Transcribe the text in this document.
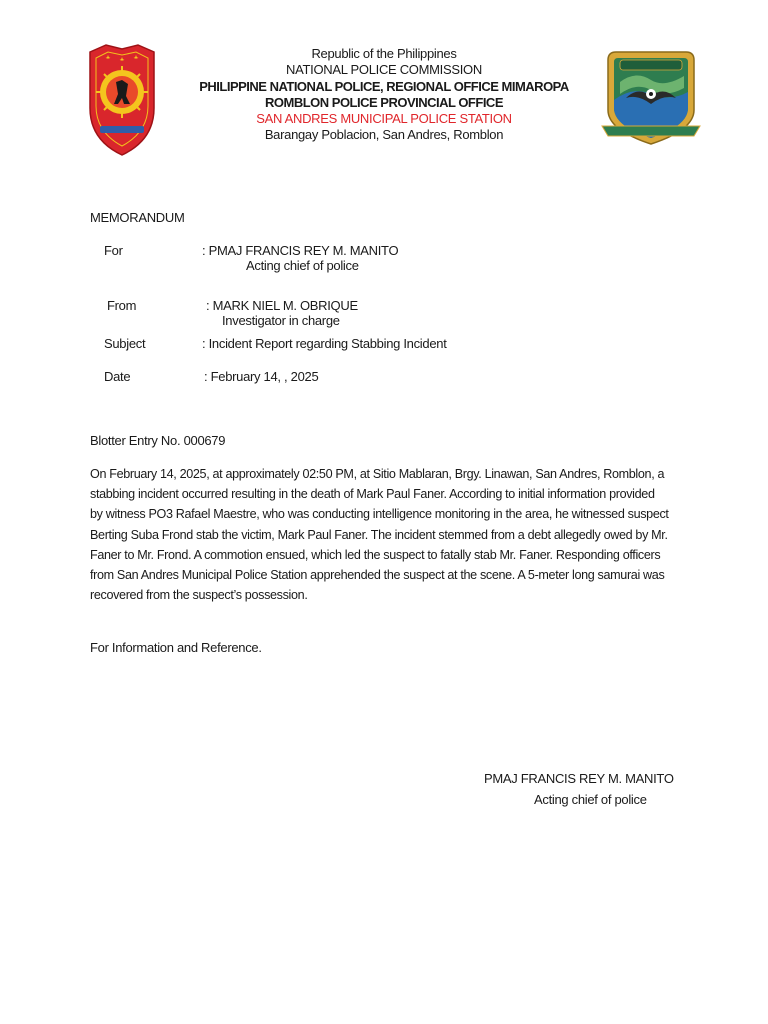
Republic of the Philippines
NATIONAL POLICE COMMISSION
PHILIPPINE NATIONAL POLICE, REGIONAL OFFICE MIMAROPA
ROMBLON POLICE PROVINCIAL OFFICE
SAN ANDRES MUNICIPAL POLICE STATION
Barangay Poblacion, San Andres, Romblon
MEMORANDUM
For	: PMAJ FRANCIS REY M. MANITO
Acting chief of police
From	: MARK NIEL M. OBRIQUE
Investigator in charge
Subject	: Incident Report regarding Stabbing Incident
Date	: February 14, , 2025
Blotter Entry No. 000679
On February 14, 2025, at approximately 02:50 PM, at Sitio Mablaran, Brgy. Linawan, San Andres, Romblon, a stabbing incident occurred resulting in the death of Mark Paul Faner. According to initial information provided by witness PO3 Rafael Maestre, who was conducting intelligence monitoring in the area, he witnessed suspect Berting Suba Frond stab the victim, Mark Paul Faner. The incident stemmed from a debt allegedly owed by Mr. Faner to Mr. Frond. A commotion ensued, which led the suspect to fatally stab Mr. Faner. Responding officers from San Andres Municipal Police Station apprehended the suspect at the scene. A 5-meter long samurai was recovered from the suspect’s possession.
For Information and Reference.
PMAJ FRANCIS REY M. MANITO
Acting chief of police
